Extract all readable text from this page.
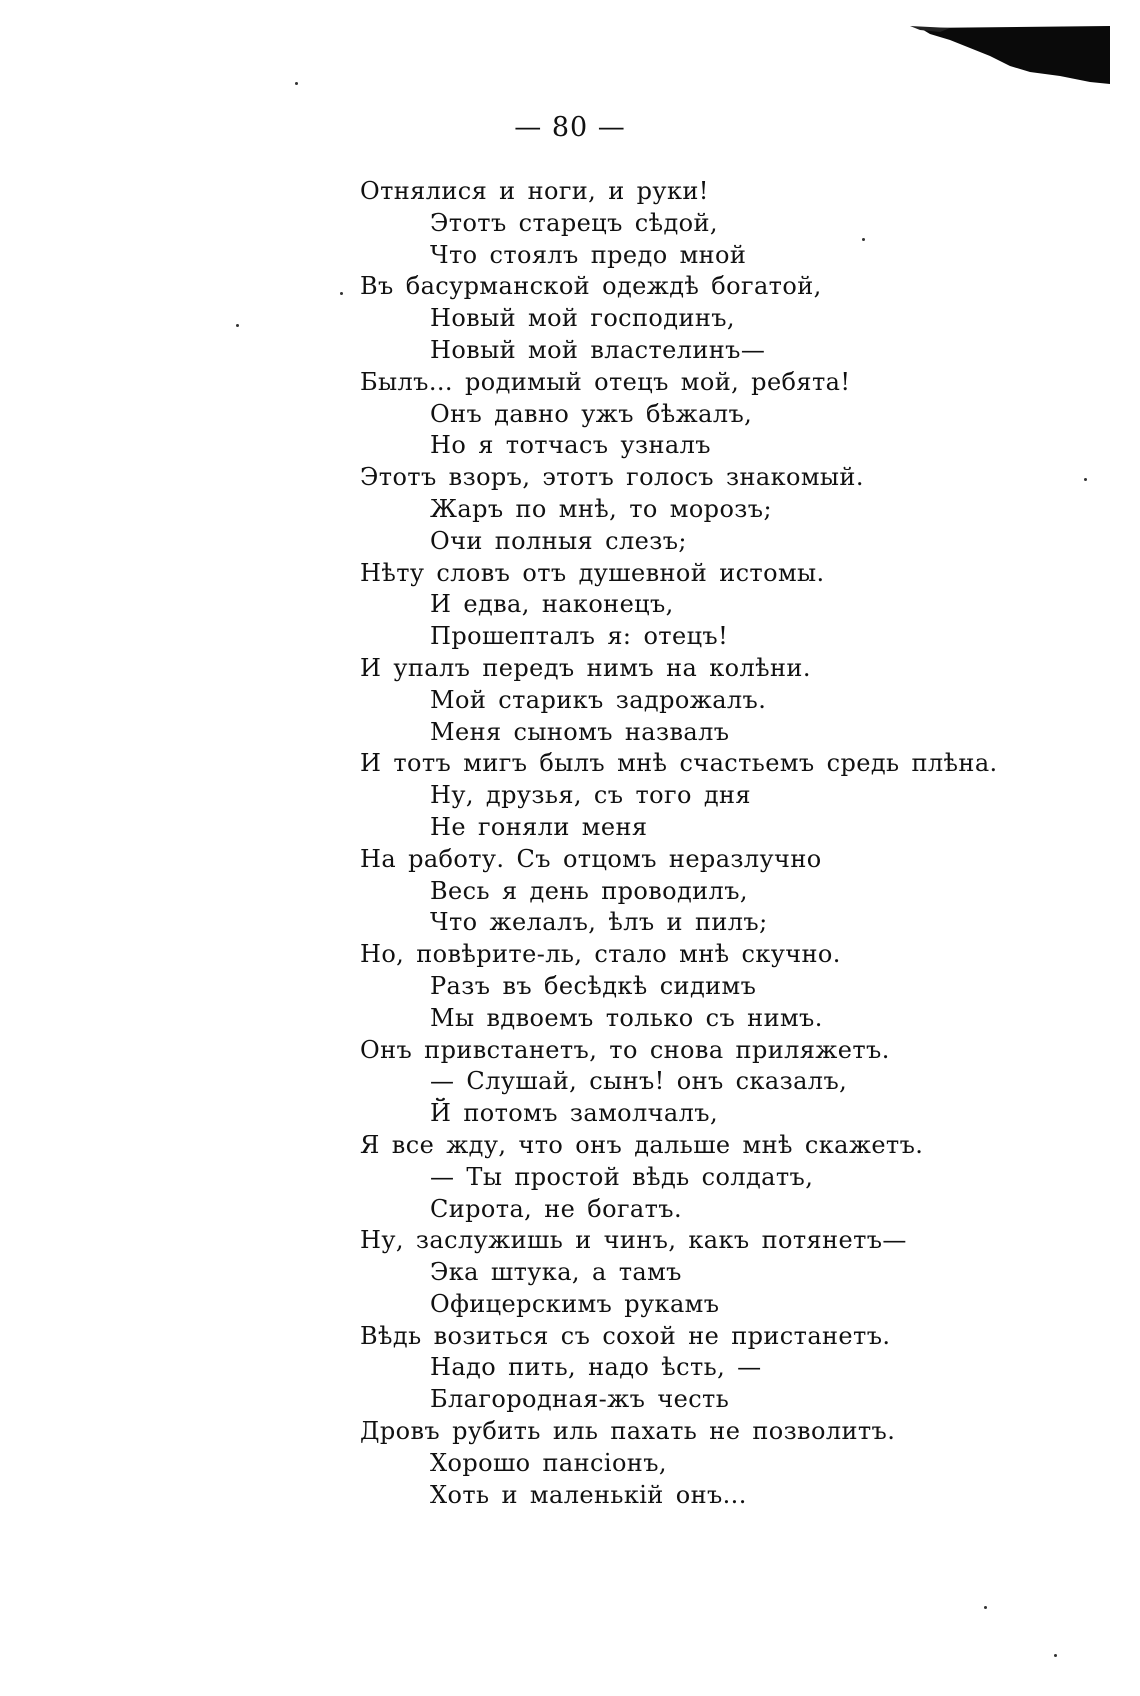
— 80 —
Отнялися и ноги, и руки!
Этотъ старецъ сѣдой,
Что стоялъ предо мной
Въ басурманской одеждѣ богатой,
Новый мой господинъ,
Новый мой властелинъ—
Былъ... родимый отецъ мой, ребята!
Онъ давно ужъ бѣжалъ,
Но я тотчасъ узналъ
Этотъ взоръ, этотъ голосъ знакомый.
Жаръ по мнѣ, то морозъ;
Очи полныя слезъ;
Нѣту словъ отъ душевной истомы.
И едва, наконецъ,
Прошепталъ я: отецъ!
И упалъ передъ нимъ на колѣни.
Мой старикъ задрожалъ.
Меня сыномъ назвалъ
И тотъ мигъ былъ мнѣ счастьемъ средь плѣна.
Ну, друзья, съ того дня
Не гоняли меня
На работу. Съ отцомъ неразлучно
Весь я день проводилъ,
Что желалъ, ѣлъ и пилъ;
Но, повѣрите-ль, стало мнѣ скучно.
Разъ въ бесѣдкѣ сидимъ
Мы вдвоемъ только съ нимъ.
Онъ привстанетъ, то снова приляжетъ.
— Слушай, сынъ! онъ сказалъ,
Й потомъ замолчалъ,
Я все жду, что онъ дальше мнѣ скажетъ.
— Ты простой вѣдь солдатъ,
Сирота, не богатъ.
Ну, заслужишь и чинъ, какъ потянетъ—
Эка штука, а тамъ
Офицерскимъ рукамъ
Вѣдь возиться съ сохой не пристанетъ.
Надо пить, надо ѣсть, —
Благородная-жъ честь
Дровъ рубить иль пахать не позволитъ.
Хорошо пансіонъ,
Хоть и маленькій онъ...
